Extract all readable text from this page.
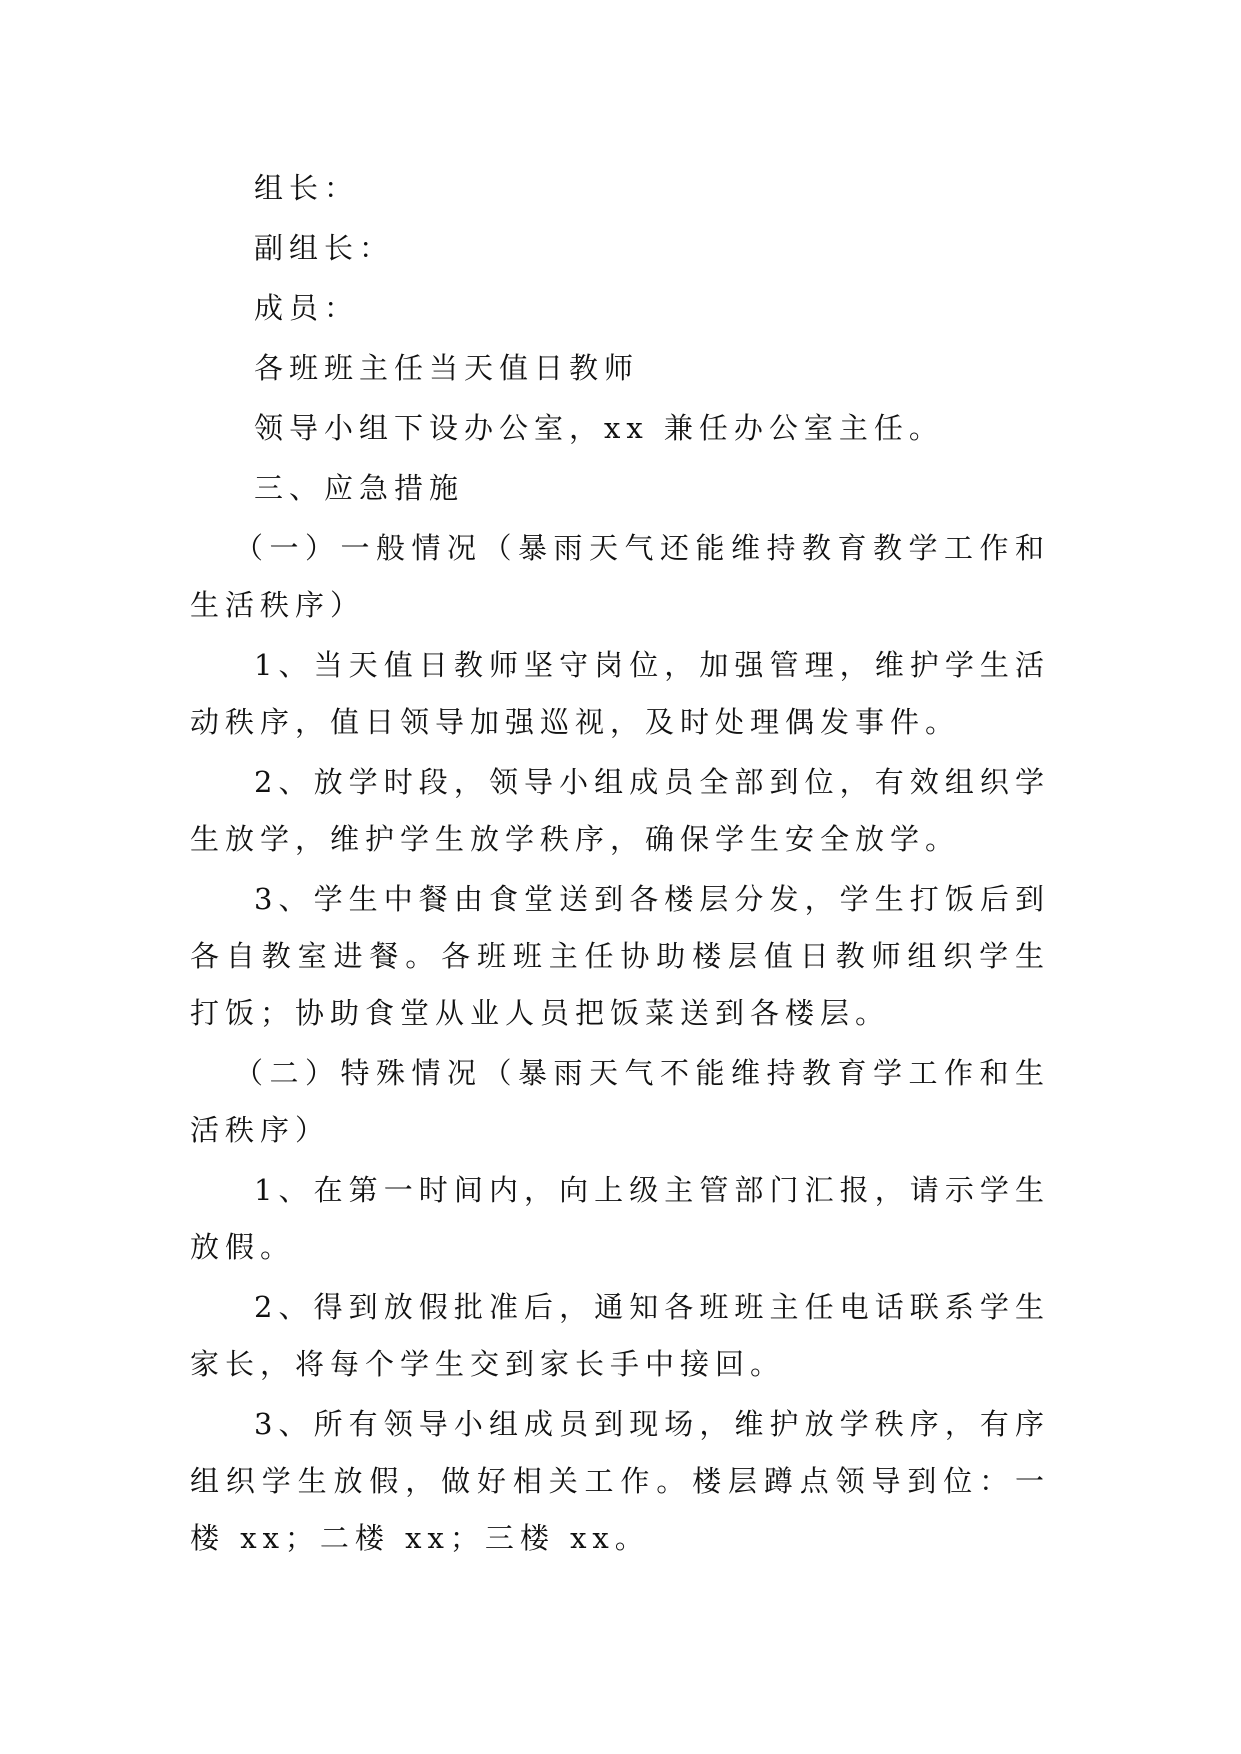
组长：

副组长：

成员：

各班班主任当天值日教师

领导小组下设办公室，xx 兼任办公室主任。

三、应急措施

（一）一般情况（暴雨天气还能维持教育教学工作和生活秩序）

1、当天值日教师坚守岗位，加强管理，维护学生活动秩序，值日领导加强巡视，及时处理偶发事件。

2、放学时段，领导小组成员全部到位，有效组织学生放学，维护学生放学秩序，确保学生安全放学。

3、学生中餐由食堂送到各楼层分发，学生打饭后到各自教室进餐。各班班主任协助楼层值日教师组织学生打饭；协助食堂从业人员把饭菜送到各楼层。

（二）特殊情况（暴雨天气不能维持教育学工作和生活秩序）

1、在第一时间内，向上级主管部门汇报，请示学生放假。

2、得到放假批准后，通知各班班主任电话联系学生家长，将每个学生交到家长手中接回。

3、所有领导小组成员到现场，维护放学秩序，有序组织学生放假，做好相关工作。楼层蹲点领导到位：一楼 xx；二楼 xx；三楼 xx。
